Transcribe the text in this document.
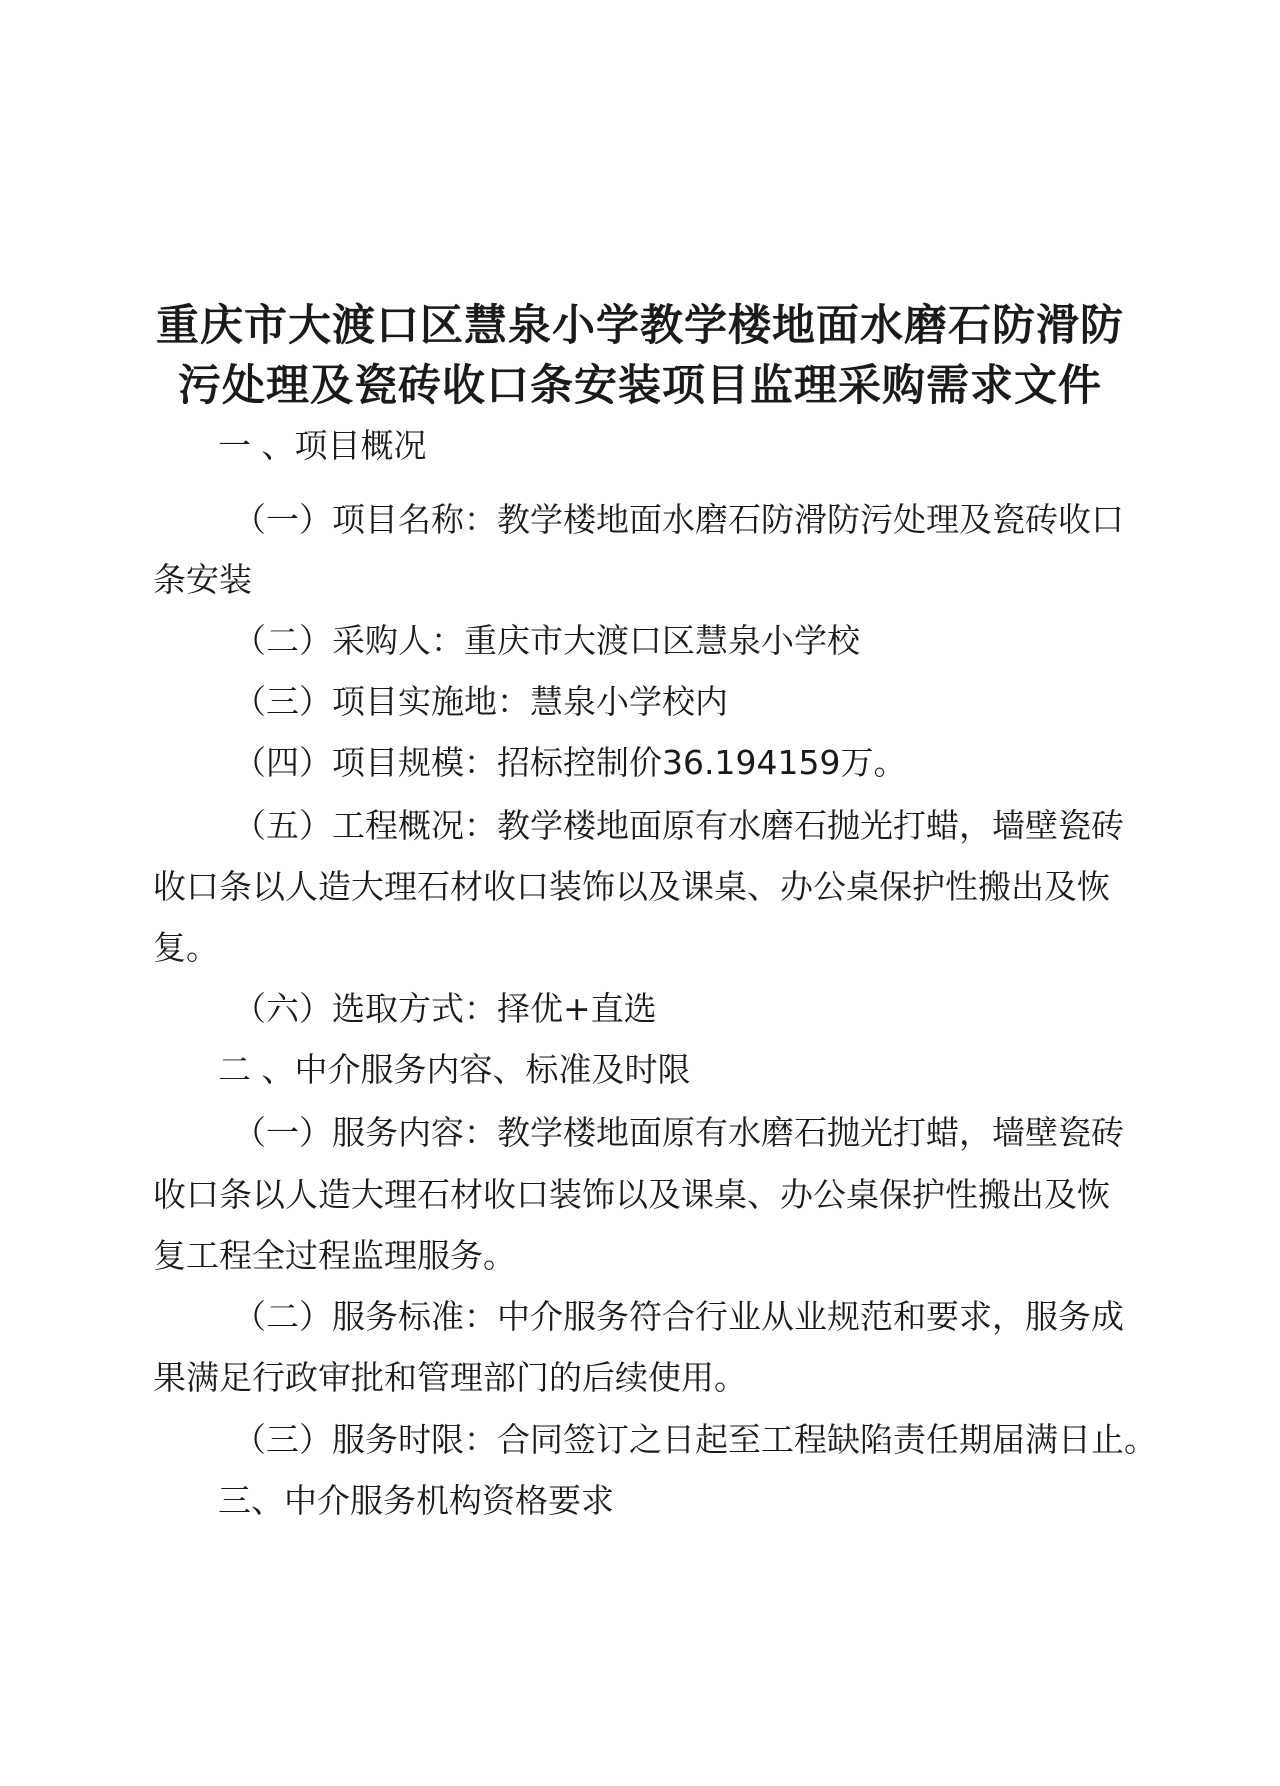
重庆市大渡口区慧泉小学教学楼地面水磨石防滑防
污处理及瓷砖收口条安装项目监理采购需求文件
一 、项目概况
（一）项目名称：教学楼地面水磨石防滑防污处理及瓷砖收口
条安装
（二）采购人：重庆市大渡口区慧泉小学校
（三）项目实施地：慧泉小学校内
（四）项目规模：招标控制价36.194159万。
（五）工程概况：教学楼地面原有水磨石抛光打蜡，墙壁瓷砖
收口条以人造大理石材收口装饰以及课桌、办公桌保护性搬出及恢
复。
（六）选取方式：择优+直选
二 、中介服务内容、标准及时限
（一）服务内容：教学楼地面原有水磨石抛光打蜡，墙壁瓷砖
收口条以人造大理石材收口装饰以及课桌、办公桌保护性搬出及恢
复工程全过程监理服务。
（二）服务标准：中介服务符合行业从业规范和要求，服务成
果满足行政审批和管理部门的后续使用。
（三）服务时限：合同签订之日起至工程缺陷责任期届满日止。
三、中介服务机构资格要求
